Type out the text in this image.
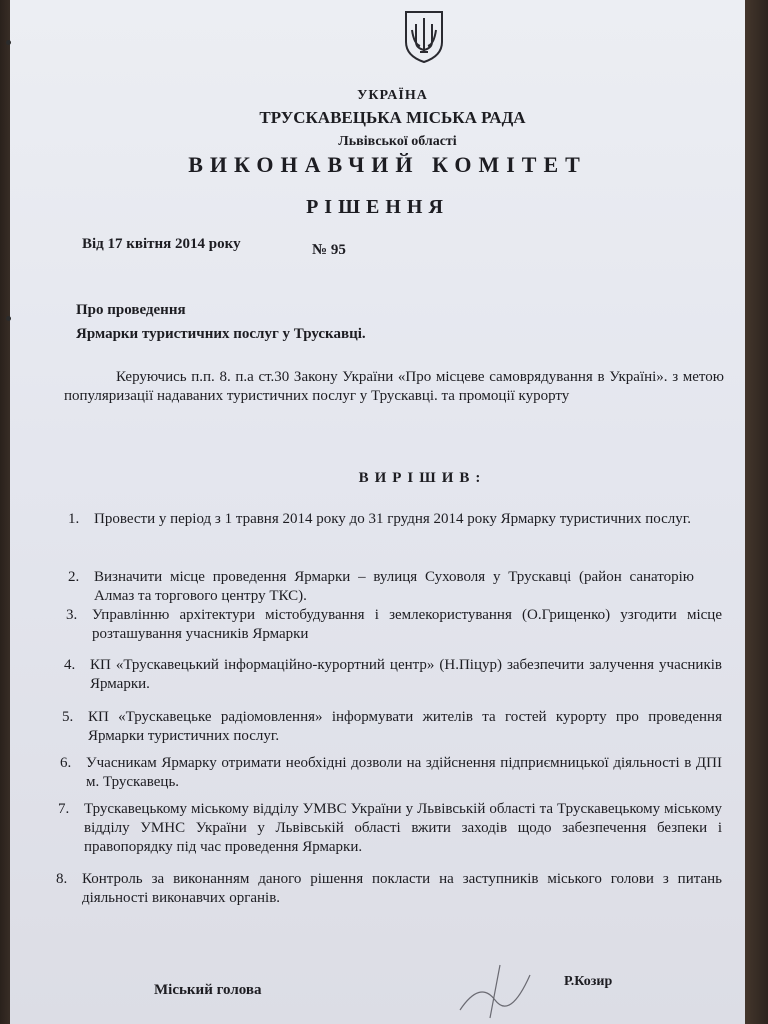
УКРАЇНА
ТРУСКАВЕЦЬКА МІСЬКА РАДА
Львівської області
ВИКОНАВЧИЙ КОМІТЕТ
РІШЕННЯ
Від 17 квітня 2014 року	№ 95
Про проведення
Ярмарки туристичних послуг у Трускавці.
Керуючись п.п. 8. п.а ст.30 Закону України «Про місцеве самоврядування в Україні». з метою популяризації надаваних туристичних послуг у Трускавці. та промоції курорту
ВИРІШИВ:
1. Провести у період з 1 травня 2014 року до 31 грудня 2014 року Ярмарку туристичних послуг.
2. Визначити місце проведення Ярмарки – вулиця Суховоля у Трускавці (район санаторію Алмаз та торгового центру ТКС).
3. Управлінню архітектури містобудування і землекористування (О.Грищенко) узгодити місце розташування учасників Ярмарки
4. КП «Трускавецький інформаційно-курортний центр» (Н.Піцур) забезпечити залучення учасників Ярмарки.
5. КП «Трускавецьке радіомовлення» інформувати жителів та гостей курорту про проведення Ярмарки туристичних послуг.
6. Учасникам Ярмарку отримати необхідні дозволи на здійснення підприємницької діяльності в ДПІ м. Трускавець.
7. Трускавецькому міському відділу УМВС України у Львівській області та Трускавецькому міському відділу УМНС України у Львівській області вжити заходів щодо забезпечення безпеки і правопорядку під час проведення Ярмарки.
8. Контроль за виконанням даного рішення покласти на заступників міського голови з питань діяльності виконавчих органів.
Міський голова
Р.Козир
